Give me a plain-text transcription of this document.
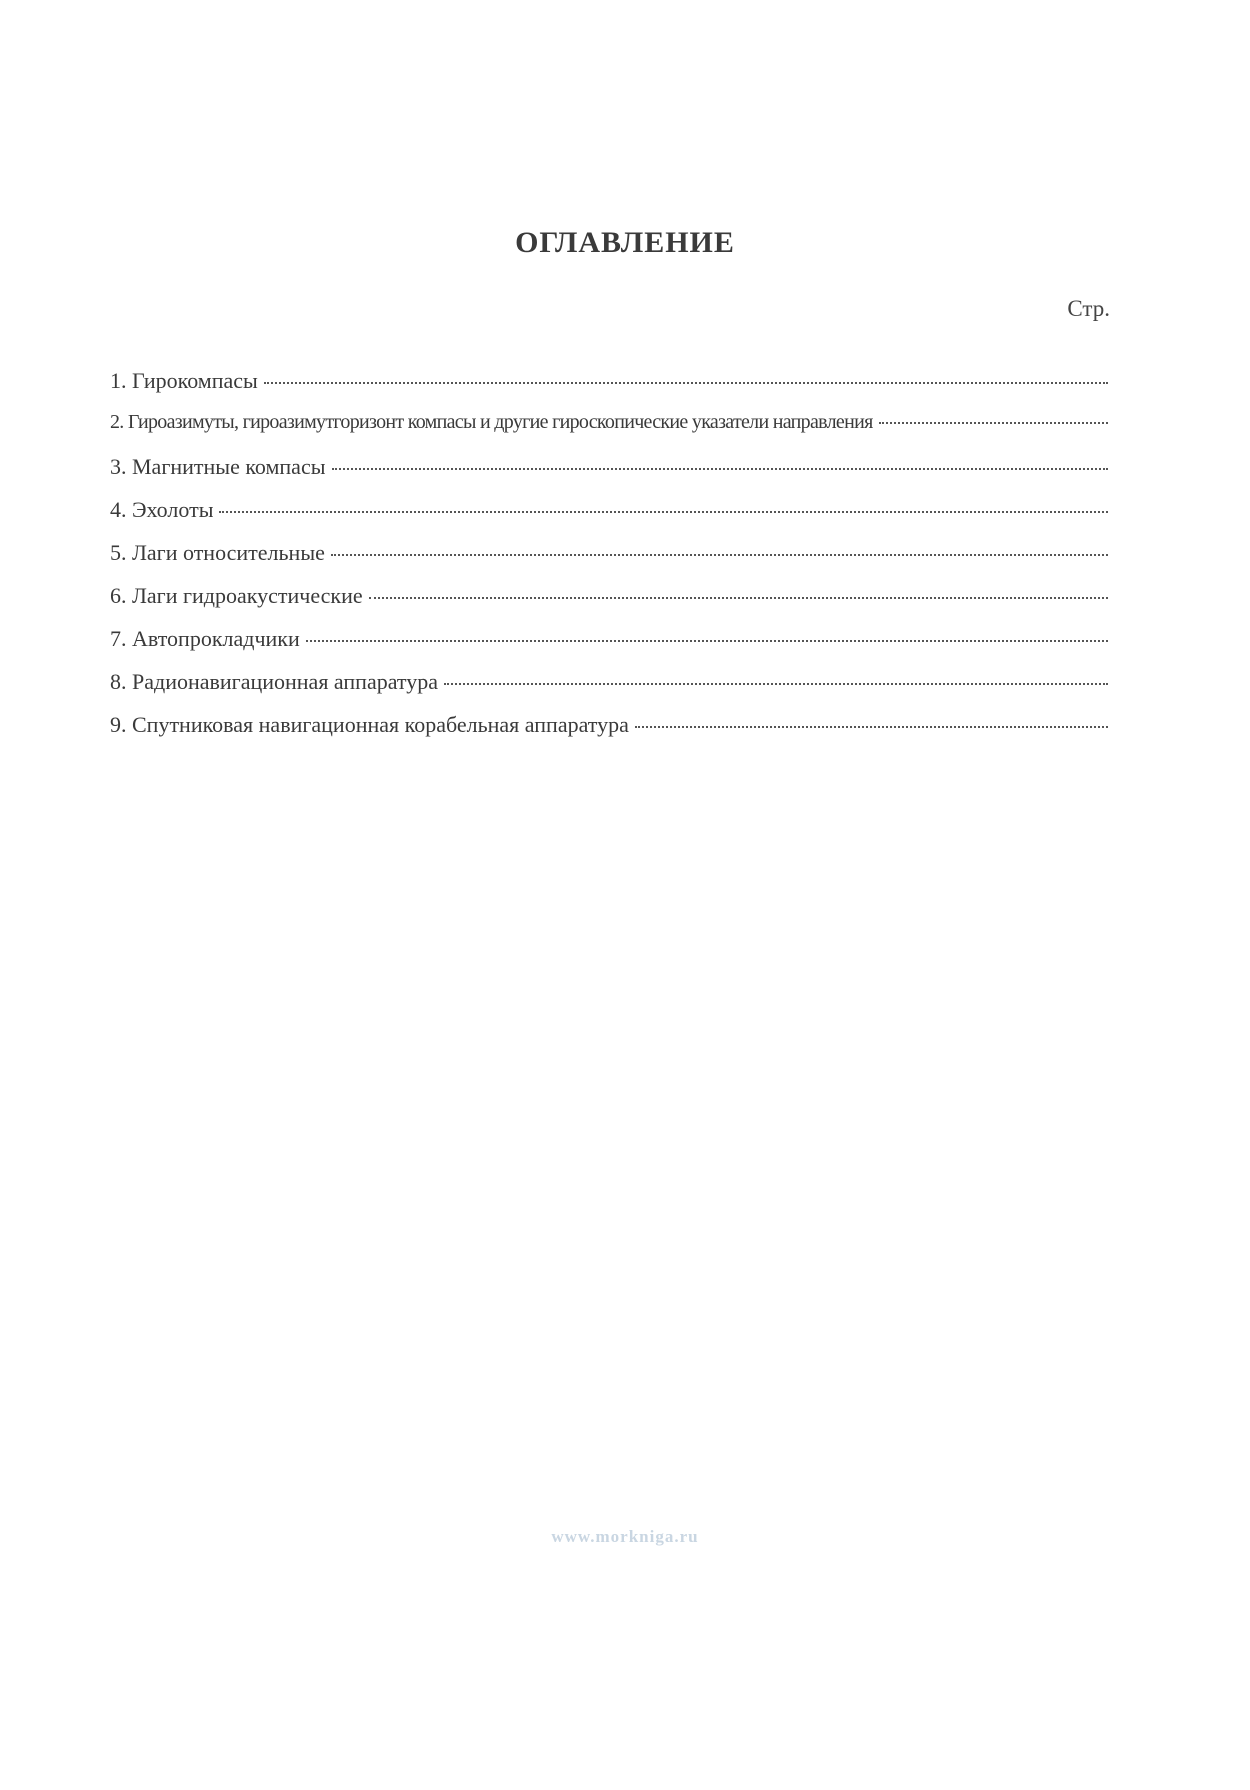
ОГЛАВЛЕНИЕ
Стр.
1. Гирокомпасы
2. Гироазимуты, гироазимутгоризонт компасы и другие гироскопические указатели направления
3. Магнитные компасы
4. Эхолоты
5. Лаги относительные
6. Лаги гидроакустические
7. Автопрокладчики
8. Радионавигационная аппаратура
9. Спутниковая навигационная корабельная аппаратура
www.morkniga.ru
